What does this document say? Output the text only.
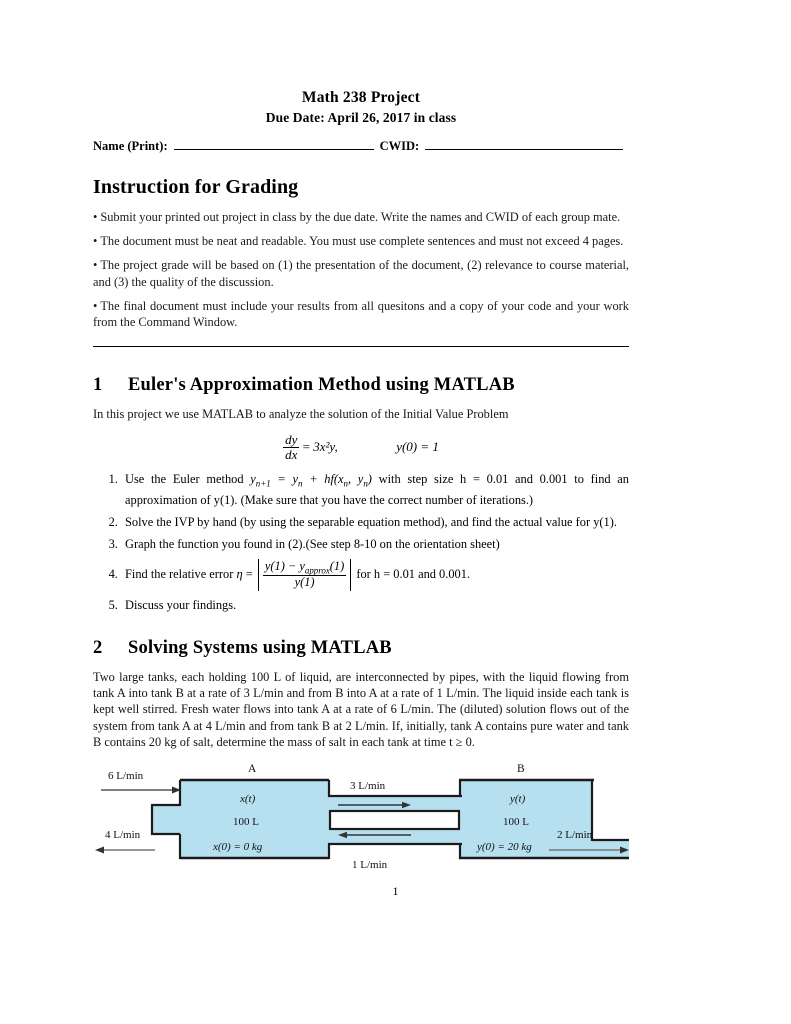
Math 238 Project
Due Date: April 26, 2017 in class
Name (Print):	CWID:
Instruction for Grading

• Submit your printed out project in class by the due date. Write the names and CWID of each group mate.

• The document must be neat and readable. You must use complete sentences and must not exceed 4 pages.

• The project grade will be based on (1) the presentation of the document, (2) relevance to course material, and (3) the quality of the discussion.

• The final document must include your results from all quesitons and a copy of your code and your work from the Command Window.

1	Euler's Approximation Method using MATLAB

In this project we use MATLAB to analyze the solution of the Initial Value Problem

$\frac{dy}{dx} = 3x^2y$,	y(0) = 1
1. Use the Euler method $y_{n+1} = y_n + hf(x_n$, $y_n$) with step size h = 0.01 and 0.001 to find an approximation of y(1). (Make sure that you have the correct number of iterations.)
2. Solve the IVP by hand (by using the separable equation method), and find the actual value for y(1).
3. Graph the function you found in (2).(See step 8-10 on the orientation sheet)
4. Find the relative error $\eta = \frac{y(1) - y_{approx}(1)}{y(1)}$ for h = 0.01 and 0.001.
5. Discuss your findings.
2	Solving Systems using MATLAB

Two large tanks, each holding 100 L of liquid, are interconnected by pipes, with the liquid flowing from tank A into tank B at a rate of 3 L/min and from B into A at a rate of 1 L/min. The liquid inside each tank is kept well stirred. Fresh water flows into tank A at a rate of 6 L/min. The (diluted) solution flows out of the system from tank A at 4 L/min and from tank B at 2 L/min. If, initially, tank A contains pure water and tank B contains 20 kg of salt, determine the mass of salt in each tank at time t ≥ 0.

A	B
6 L/min
4 L/min	2 L/min
3 L/min
1 L/min
x(t)
100 L
x(0) = 0 kg
y(t)
100 L
y(0) = 20 kg
1
